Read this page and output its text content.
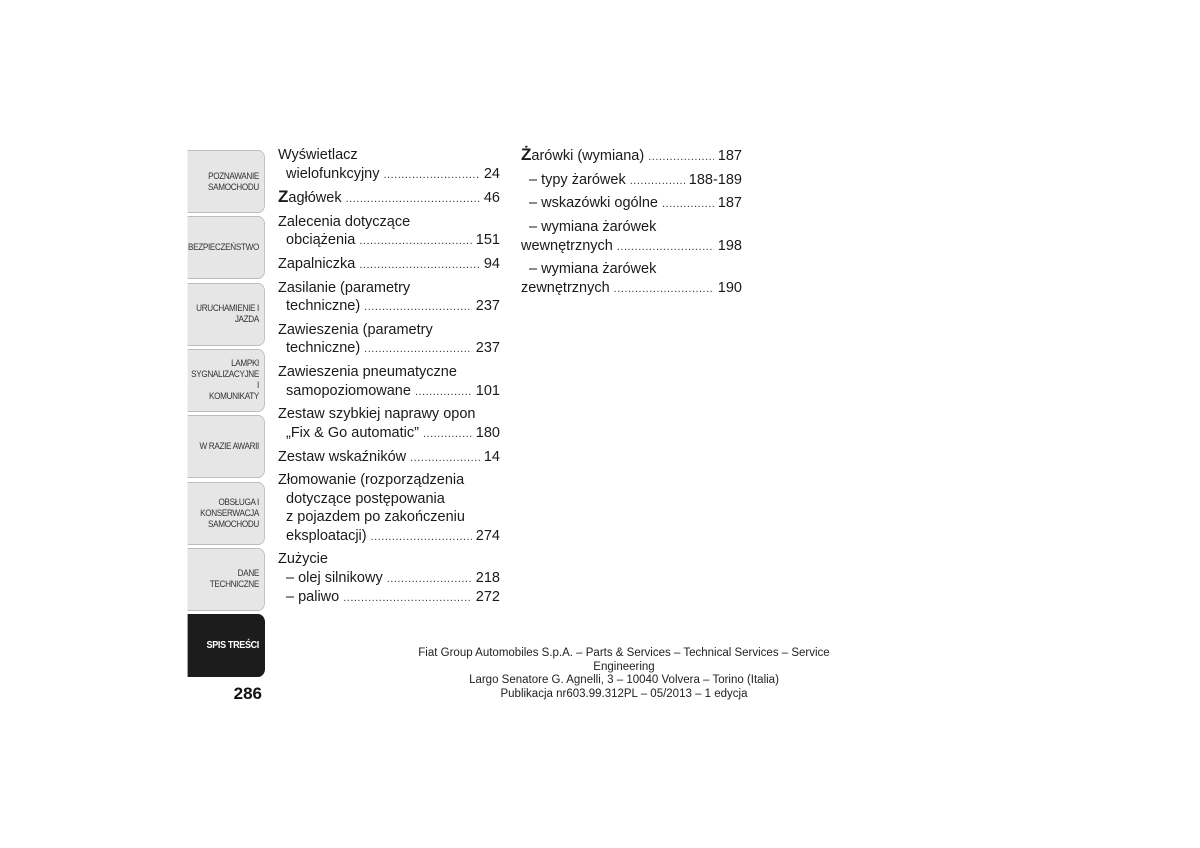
POZNAWANIE
SAMOCHODU
BEZPIECZEŃSTWO
URUCHAMIENIE I
JAZDA
LAMPKI
SYGNALIZACYJNE I
KOMUNIKATY
W RAZIE AWARII
OBSŁUGA I
KONSERWACJA
SAMOCHODU
DANE TECHNICZNE
SPIS TREŚCI
286
Wyświetlacz
wielofunkcyjny .....	24
Z agłówek .....	46
Zalecenia dotyczące
obciążenia .....	151
Zapalniczka .....	94
Zasilanie (parametry
techniczne) .....	237
Zawieszenia (parametry
techniczne) .....	237
Zawieszenia pneumatyczne
samopoziomowane .....	101
Zestaw szybkiej naprawy opon
„Fix & Go automatic” .....	180
Zestaw wskaźników .....	14
Złomowanie (rozporządzenia
dotyczące postępowania
z pojazdem po zakończeniu
eksploatacji) .....	274
Zużycie
– olej silnikowy .....	218
– paliwo .....	272
Ż arówki (wymiana) .....	187
– typy żarówek .....	188-189
– wskazówki ogólne .....	187
– wymiana żarówek
wewnętrznych .....	198
– wymiana żarówek
zewnętrznych .....	190
Fiat Group Automobiles S.p.A. – Parts & Services – Technical Services – Service Engineering
Largo Senatore G. Agnelli, 3 – 10040 Volvera – Torino (Italia)
Publikacja nr603.99.312PL – 05/2013 – 1 edycja
